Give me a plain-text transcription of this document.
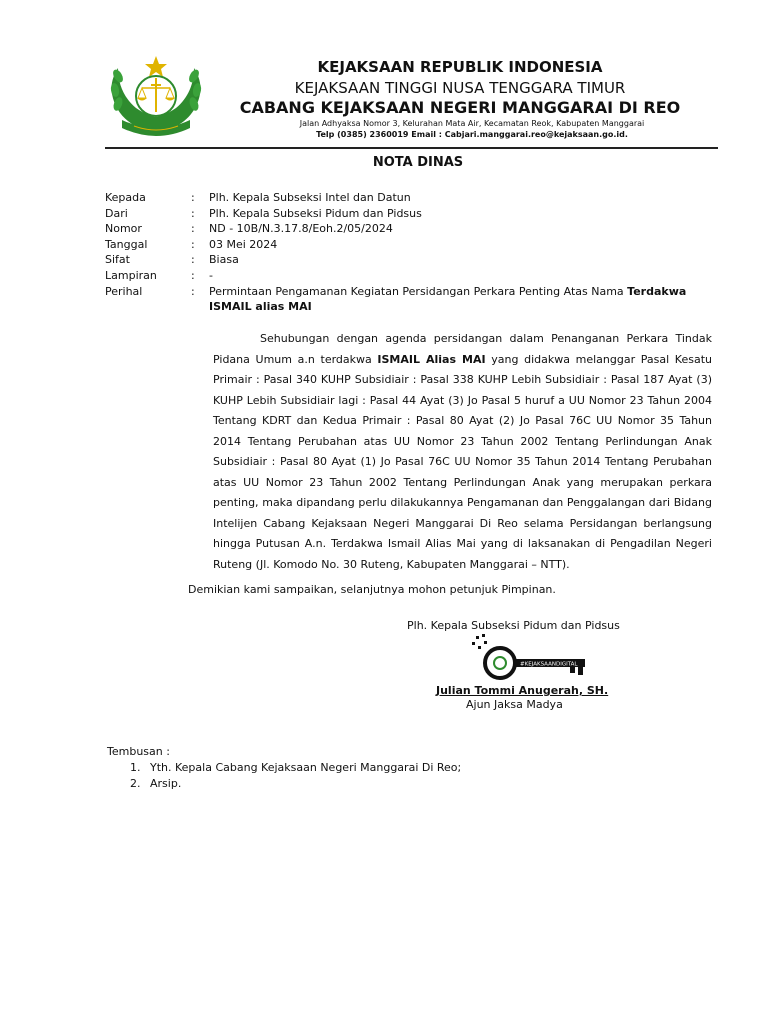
KEJAKSAAN REPUBLIK INDONESIA
KEJAKSAAN TINGGI NUSA TENGGARA TIMUR
CABANG KEJAKSAAN NEGERI MANGGARAI DI REO
Jalan Adhyaksa Nomor 3, Kelurahan Mata Air, Kecamatan Reok, Kabupaten Manggarai
Telp (0385) 2360019 Email : Cabjari.manggarai.reo@kejaksaan.go.id.
NOTA DINAS
Kepada	:	Plh. Kepala Subseksi Intel dan Datun
Dari	:	Plh. Kepala Subseksi Pidum dan Pidsus
Nomor	:	ND - 10B/N.3.17.8/Eoh.2/05/2024
Tanggal	:	03 Mei 2024
Sifat	:	Biasa
Lampiran	:	-
Perihal	:	Permintaan Pengamanan Kegiatan Persidangan Perkara Penting Atas Nama Terdakwa ISMAIL alias MAI

Sehubungan dengan agenda persidangan dalam Penanganan Perkara Tindak Pidana Umum a.n terdakwa ISMAIL Alias MAI yang didakwa melanggar Pasal Kesatu Primair : Pasal 340 KUHP Subsidiair : Pasal 338 KUHP Lebih Subsidiair : Pasal 187 Ayat (3) KUHP Lebih Subsidiair lagi : Pasal 44 Ayat (3) Jo Pasal 5 huruf a UU Nomor 23 Tahun 2004 Tentang KDRT dan Kedua Primair : Pasal 80 Ayat (2) Jo Pasal 76C UU Nomor 35 Tahun 2014 Tentang Perubahan atas UU Nomor 23 Tahun 2002 Tentang Perlindungan Anak Subsidiair : Pasal 80 Ayat (1) Jo Pasal 76C UU Nomor 35 Tahun 2014 Tentang Perubahan atas UU Nomor 23 Tahun 2002 Tentang Perlindungan Anak yang merupakan perkara penting, maka dipandang perlu dilakukannya Pengamanan dan Penggalangan dari Bidang Intelijen Cabang Kejaksaan Negeri Manggarai Di Reo selama Persidangan berlangsung hingga Putusan A.n. Terdakwa Ismail Alias Mai yang di laksanakan di Pengadilan Negeri Ruteng (Jl. Komodo No. 30 Ruteng, Kabupaten Manggarai – NTT).

Demikian kami sampaikan, selanjutnya mohon petunjuk Pimpinan.
Plh. Kepala Subseksi Pidum dan Pidsus
#KEJAKSAANDIGITAL
Julian Tommi Anugerah, SH.
Ajun Jaksa Madya
Tembusan :
1. Yth. Kepala Cabang Kejaksaan Negeri Manggarai Di Reo;
2. Arsip.
